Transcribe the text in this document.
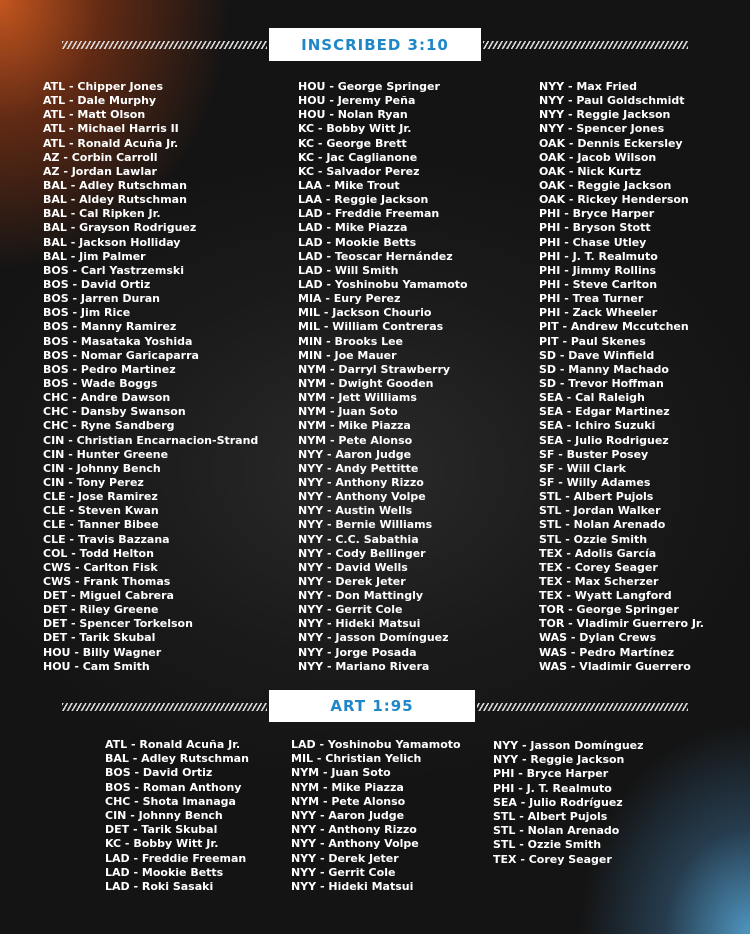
INSCRIBED 3:10
ATL - Chipper Jones
ATL - Dale Murphy
ATL - Matt Olson
ATL - Michael Harris II
ATL - Ronald Acuña Jr.
AZ - Corbin Carroll
AZ - Jordan Lawlar
BAL - Adley Rutschman
BAL - Aldey Rutschman
BAL - Cal Ripken Jr.
BAL - Grayson Rodriguez
BAL - Jackson Holliday
BAL - Jim Palmer
BOS - Carl Yastrzemski
BOS - David Ortiz
BOS - Jarren Duran
BOS - Jim Rice
BOS - Manny Ramirez
BOS - Masataka Yoshida
BOS - Nomar Garicaparra
BOS - Pedro Martinez
BOS - Wade Boggs
CHC - Andre Dawson
CHC - Dansby Swanson
CHC - Ryne Sandberg
CIN - Christian Encarnacion-Strand
CIN - Hunter Greene
CIN - Johnny Bench
CIN - Tony Perez
CLE - Jose Ramirez
CLE - Steven Kwan
CLE - Tanner Bibee
CLE - Travis Bazzana
COL - Todd Helton
CWS - Carlton Fisk
CWS - Frank Thomas
DET - Miguel Cabrera
DET - Riley Greene
DET - Spencer Torkelson
DET - Tarik Skubal
HOU - Billy Wagner
HOU - Cam Smith
HOU - George Springer
HOU - Jeremy Peña
HOU - Nolan Ryan
KC - Bobby Witt Jr.
KC - George Brett
KC - Jac Caglianone
KC - Salvador Perez
LAA - Mike Trout
LAA - Reggie Jackson
LAD - Freddie Freeman
LAD - Mike Piazza
LAD - Mookie Betts
LAD - Teoscar Hernández
LAD - Will Smith
LAD - Yoshinobu Yamamoto
MIA - Eury Perez
MIL - Jackson Chourio
MIL - William Contreras
MIN - Brooks Lee
MIN - Joe Mauer
NYM - Darryl Strawberry
NYM - Dwight Gooden
NYM - Jett Williams
NYM - Juan Soto
NYM - Mike Piazza
NYM - Pete Alonso
NYY - Aaron Judge
NYY - Andy Pettitte
NYY - Anthony Rizzo
NYY - Anthony Volpe
NYY - Austin Wells
NYY - Bernie Williams
NYY - C.C. Sabathia
NYY - Cody Bellinger
NYY - David Wells
NYY - Derek Jeter
NYY - Don Mattingly
NYY - Gerrit Cole
NYY - Hideki Matsui
NYY - Jasson Domínguez
NYY - Jorge Posada
NYY - Mariano Rivera
NYY - Max Fried
NYY - Paul Goldschmidt
NYY - Reggie Jackson
NYY - Spencer Jones
OAK - Dennis Eckersley
OAK - Jacob Wilson
OAK - Nick Kurtz
OAK - Reggie Jackson
OAK - Rickey Henderson
PHI - Bryce Harper
PHI - Bryson Stott
PHI - Chase Utley
PHI - J. T. Realmuto
PHI - Jimmy Rollins
PHI - Steve Carlton
PHI - Trea Turner
PHI - Zack Wheeler
PIT - Andrew Mccutchen
PIT - Paul Skenes
SD - Dave Winfield
SD - Manny Machado
SD - Trevor Hoffman
SEA - Cal Raleigh
SEA - Edgar Martinez
SEA - Ichiro Suzuki
SEA - Julio Rodriguez
SF - Buster Posey
SF - Will Clark
SF - Willy Adames
STL - Albert Pujols
STL - Jordan Walker
STL - Nolan Arenado
STL - Ozzie Smith
TEX - Adolis García
TEX - Corey Seager
TEX - Max Scherzer
TEX - Wyatt Langford
TOR - George Springer
TOR - Vladimir Guerrero Jr.
WAS - Dylan Crews
WAS - Pedro Martínez
WAS - Vladimir Guerrero
ART 1:95
ATL - Ronald Acuña Jr.
BAL - Adley Rutschman
BOS - David Ortiz
BOS - Roman Anthony
CHC - Shota Imanaga
CIN - Johnny Bench
DET - Tarik Skubal
KC - Bobby Witt Jr.
LAD - Freddie Freeman
LAD - Mookie Betts
LAD - Roki Sasaki
LAD - Yoshinobu Yamamoto
MIL - Christian Yelich
NYM - Juan Soto
NYM - Mike Piazza
NYM - Pete Alonso
NYY - Aaron Judge
NYY - Anthony Rizzo
NYY - Anthony Volpe
NYY - Derek Jeter
NYY - Gerrit Cole
NYY - Hideki Matsui
NYY - Jasson Domínguez
NYY - Reggie Jackson
PHI - Bryce Harper
PHI - J. T. Realmuto
SEA - Julio Rodríguez
STL - Albert Pujols
STL - Nolan Arenado
STL - Ozzie Smith
TEX - Corey Seager
